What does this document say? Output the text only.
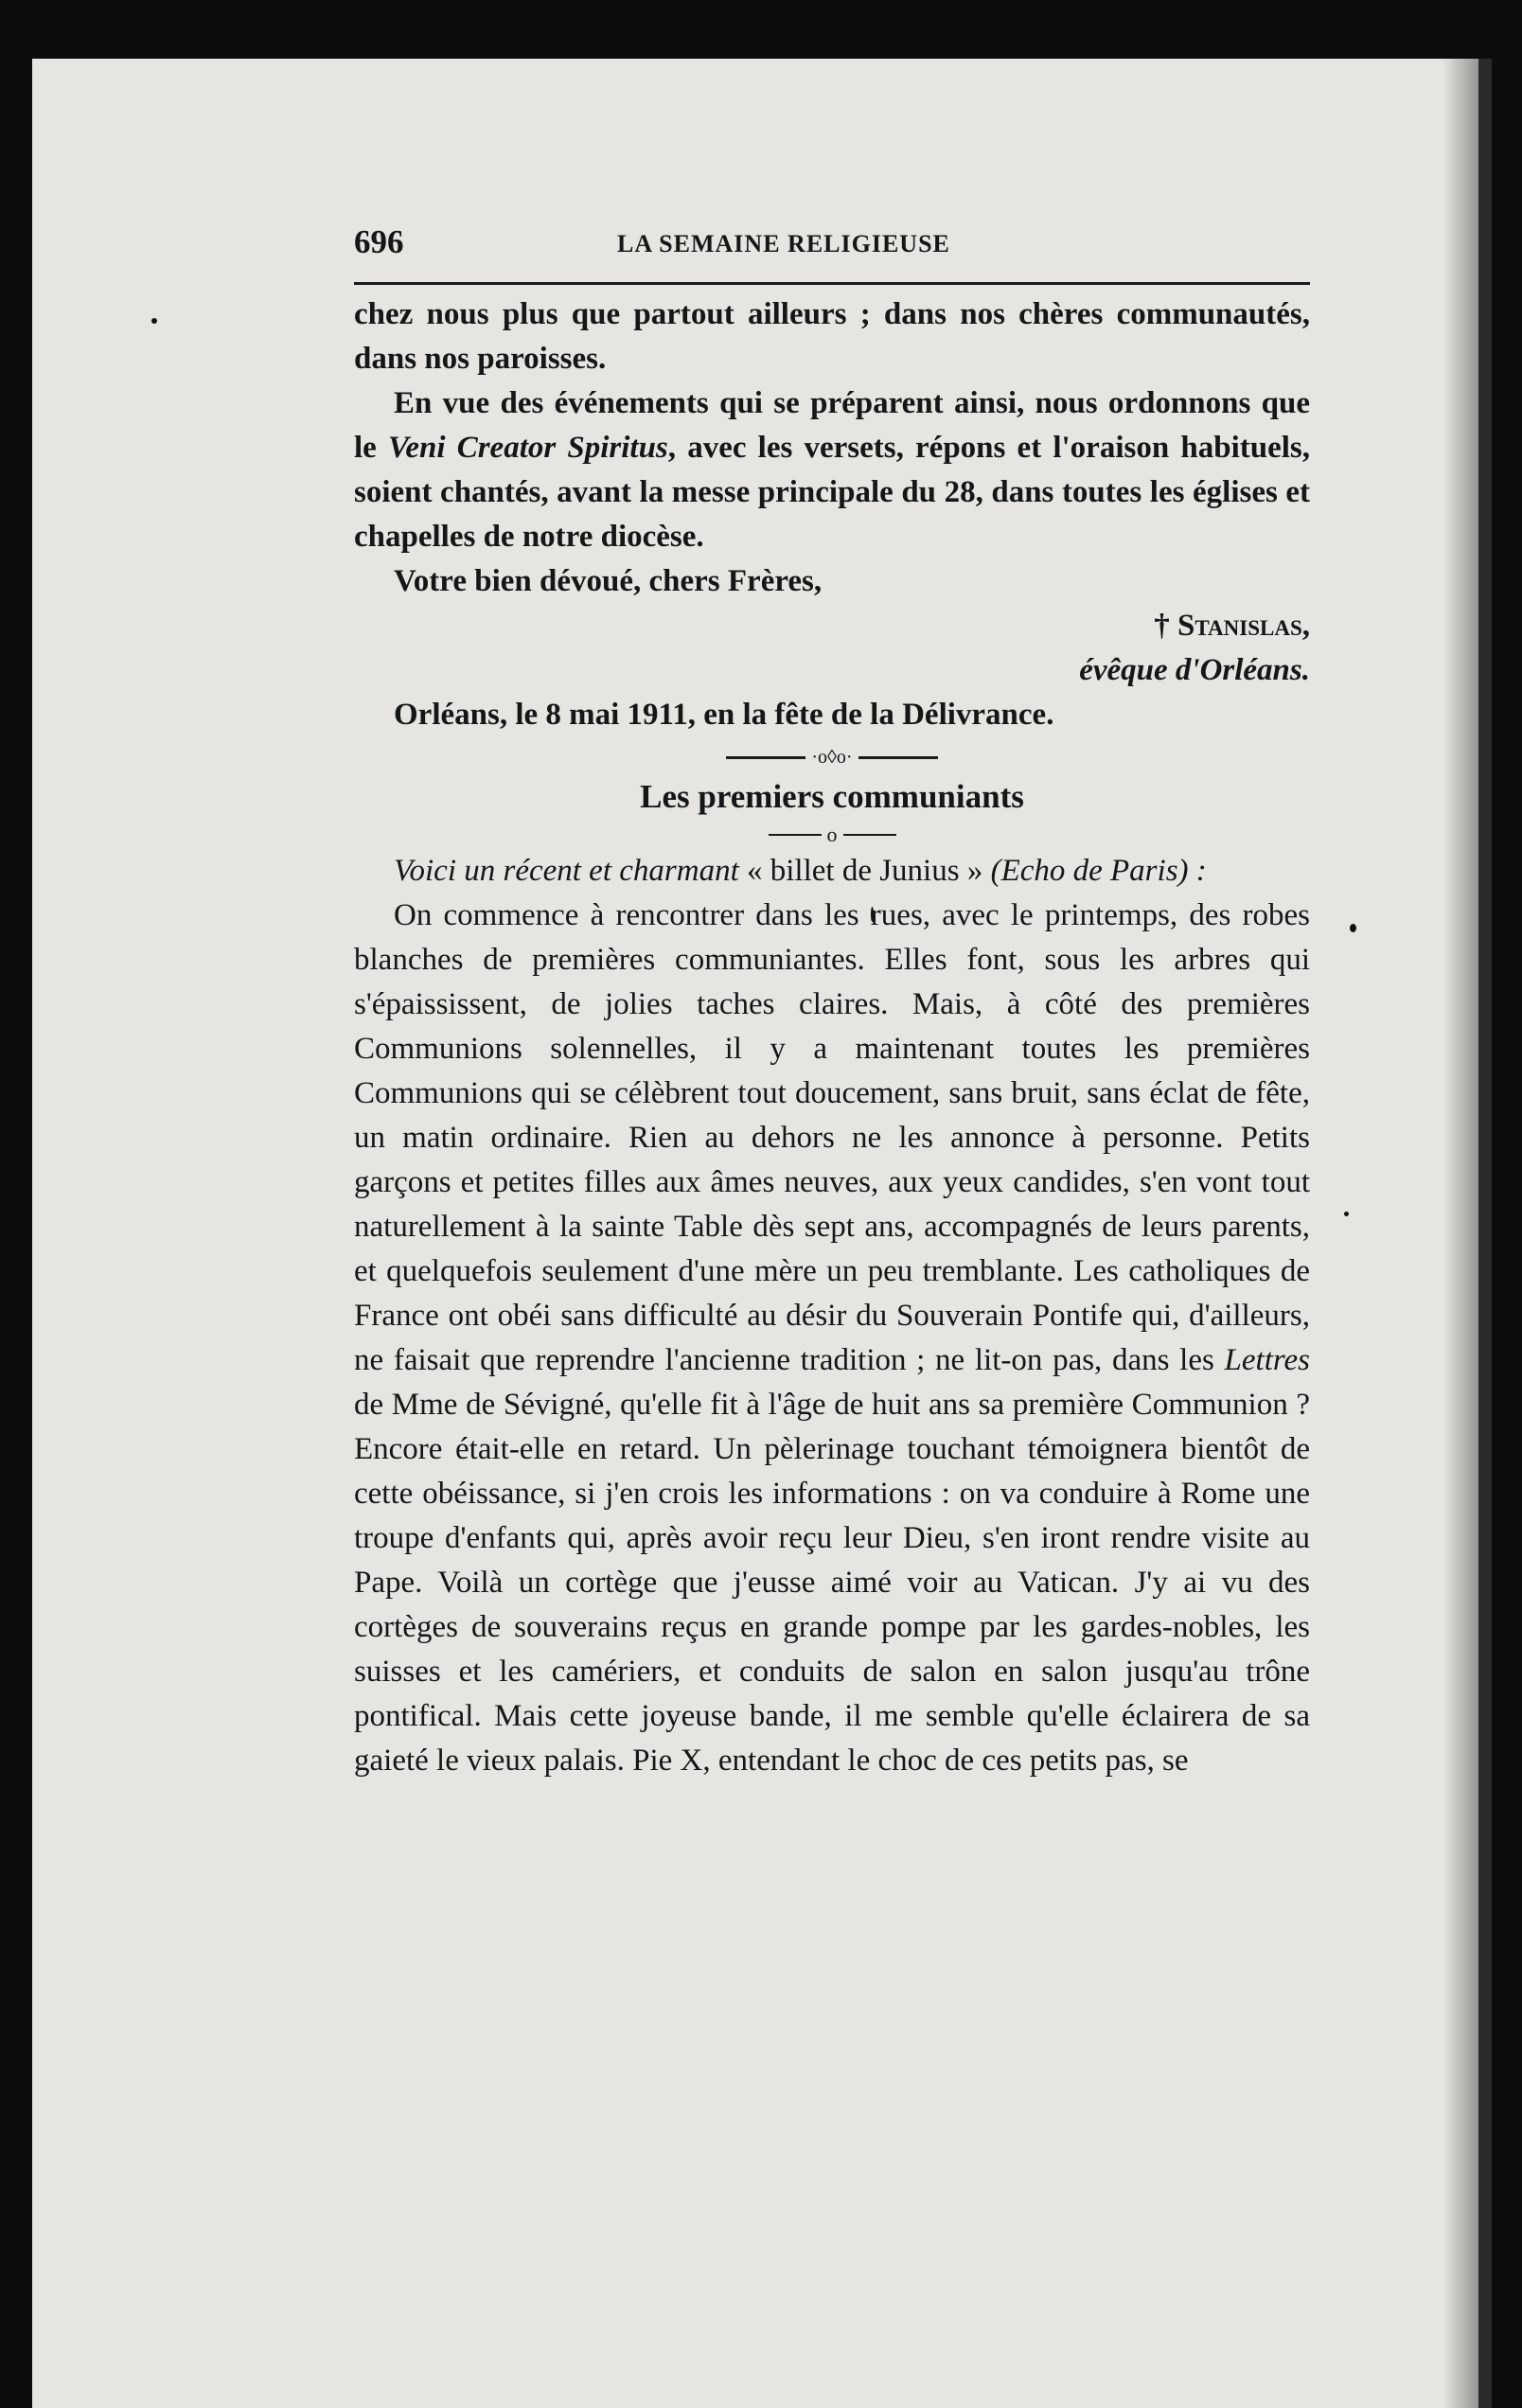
696	LA SEMAINE RELIGIEUSE

chez nous plus que partout ailleurs ; dans nos chères communautés, dans nos paroisses.

En vue des événements qui se préparent ainsi, nous ordonnons que le Veni Creator Spiritus, avec les versets, répons et l'oraison habituels, soient chantés, avant la messe principale du 28, dans toutes les églises et chapelles de notre diocèse.

Votre bien dévoué, chers Frères,

† Stanislas,

évêque d'Orléans.

Orléans, le 8 mai 1911, en la fête de la Délivrance.

·o◊o·
Les premiers communiants
o

Voici un récent et charmant « billet de Junius » (Echo de Paris) :

On commence à rencontrer dans les rues, avec le printemps, des robes blanches de premières communiantes. Elles font, sous les arbres qui s'épaississent, de jolies taches claires. Mais, à côté des premières Communions solennelles, il y a maintenant toutes les premières Communions qui se célèbrent tout doucement, sans bruit, sans éclat de fête, un matin ordinaire. Rien au dehors ne les annonce à personne. Petits garçons et petites filles aux âmes neuves, aux yeux candides, s'en vont tout naturellement à la sainte Table dès sept ans, accompagnés de leurs parents, et quelquefois seulement d'une mère un peu tremblante. Les catholiques de France ont obéi sans difficulté au désir du Souverain Pontife qui, d'ailleurs, ne faisait que reprendre l'ancienne tradition ; ne lit-on pas, dans les Lettres de Mme de Sévigné, qu'elle fit à l'âge de huit ans sa première Communion ? Encore était-elle en retard. Un pèlerinage touchant témoignera bientôt de cette obéissance, si j'en crois les informations : on va conduire à Rome une troupe d'enfants qui, après avoir reçu leur Dieu, s'en iront rendre visite au Pape. Voilà un cortège que j'eusse aimé voir au Vatican. J'y ai vu des cortèges de souverains reçus en grande pompe par les gardes-nobles, les suisses et les camériers, et conduits de salon en salon jusqu'au trône pontifical. Mais cette joyeuse bande, il me semble qu'elle éclairera de sa gaieté le vieux palais. Pie X, entendant le choc de ces petits pas, se
